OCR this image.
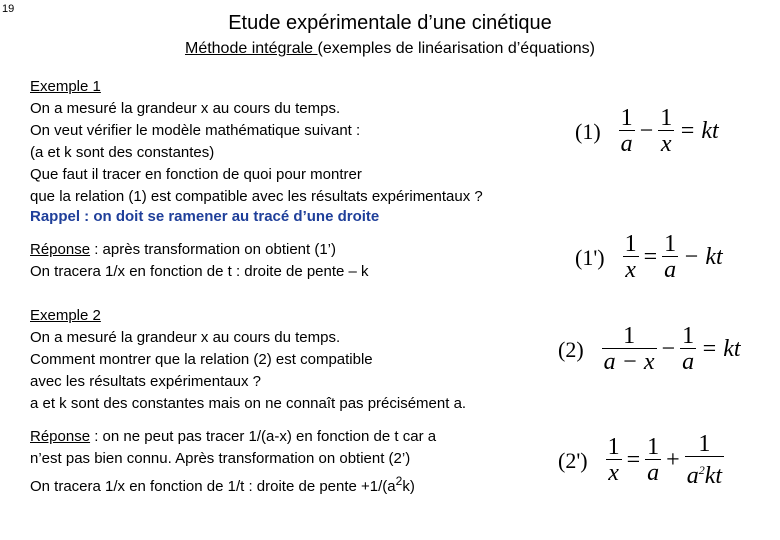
19
Etude expérimentale d’une cinétique
Méthode intégrale (exemples de linéarisation d’équations)
Exemple 1
On a mesuré la grandeur x au cours du temps.
On veut vérifier le modèle mathématique suivant :
(a et k sont des constantes)
Que faut il tracer en fonction de quoi pour montrer
que la relation (1) est compatible avec les résultats expérimentaux ?
Rappel : on doit se ramener au tracé d’une droite
Réponse : après transformation on obtient (1’)
On tracera 1/x en fonction de t : droite de pente – k
Exemple 2
On a mesuré la grandeur x au cours du temps.
Comment montrer que la relation (2) est compatible
avec les résultats expérimentaux ?
a et k sont des constantes mais on ne connaît pas précisément a.
Réponse : on ne peut pas tracer 1/(a-x) en fonction de t car a
n’est pas bien connu. Après transformation on obtient (2’)
On tracera 1/x en fonction de 1/t : droite de pente $+1/(a^2k)$
$(1) \frac{1}{a} - \frac{1}{x}$ = kt
$(1') \frac{1}{x} = \frac{1}{a}$ − kt
$(2) \frac{1}{a - x} - \frac{1}{a}$ = kt
$(2') \frac{1}{x} = \frac{1}{a} + \frac{1}{a^2kt}$
